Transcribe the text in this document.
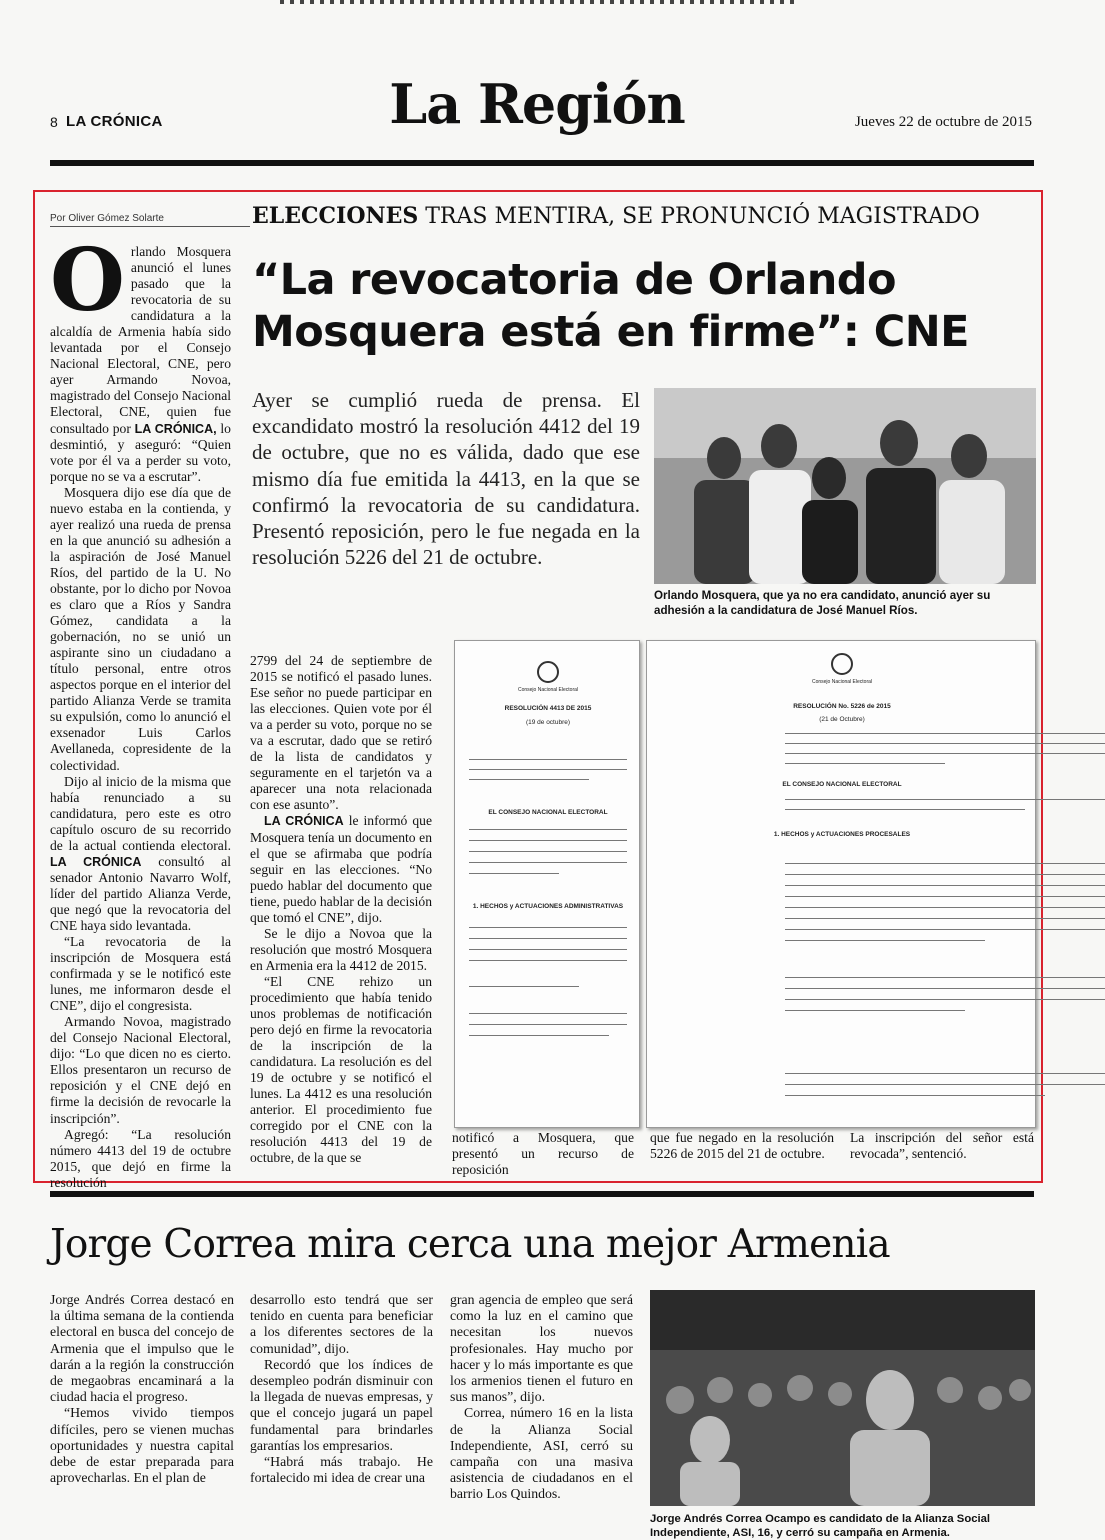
8 LA CRÓNICA	La Región	Jueves 22 de octubre de 2015
Por Oliver Gómez Solarte	ELECCIONES TRAS MENTIRA, SE PRONUNCIÓ MAGISTRADO
“La revocatoria de Orlando
Mosquera está en firme”: CNE
Ayer se cumplió rueda de prensa. El excandidato mostró la resolución 4412 del 19 de octubre, que no es válida, dado que ese mismo día fue emitida la 4413, en la que se confirmó la revocatoria de su candidatura. Presentó reposición, pero le fue negada en la resolución 5226 del 21 de octubre.

Orlando Mosquera anunció el lunes pasado que la revocatoria de su candidatura a la alcaldía de Armenia había sido levantada por el Consejo Nacional Electoral, CNE, pero ayer Armando Novoa, magistrado del Consejo Nacional Electoral, CNE, quien fue consultado por LA CRÓNICA, lo desmintió, y aseguró: “Quien vote por él va a perder su voto, porque no se va a escrutar”.

Mosquera dijo ese día que de nuevo estaba en la contienda, y ayer realizó una rueda de prensa en la que anunció su adhesión a la aspiración de José Manuel Ríos, del partido de la U. No obstante, por lo dicho por Novoa es claro que a Ríos y Sandra Gómez, candidata a la gobernación, no se unió un aspirante sino un ciudadano a título personal, entre otros aspectos porque en el interior del partido Alianza Verde se tramita su expulsión, como lo anunció el exsenador Luis Carlos Avellaneda, copresidente de la colectividad.

Dijo al inicio de la misma que había renunciado a su candidatura, pero este es otro capítulo oscuro de su recorrido de la actual contienda electoral. LA CRÓNICA consultó al senador Antonio Navarro Wolf, líder del partido Alianza Verde, que negó que la revocatoria del CNE haya sido levantada.

“La revocatoria de la inscripción de Mosquera está confirmada y se le notificó este lunes, me informaron desde el CNE”, dijo el congresista.

Armando Novoa, magistrado del Consejo Nacional Electoral, dijo: “Lo que dicen no es cierto. Ellos presentaron un recurso de reposición y el CNE dejó en firme la decisión de revocarle la inscripción”.

Agregó: “La resolución número 4413 del 19 de octubre 2015, que dejó en firme la resolución

2799 del 24 de septiembre de 2015 se notificó el pasado lunes. Ese señor no puede participar en las elecciones. Quien vote por él va a perder su voto, porque no se va a escrutar, dado que se retiró de la lista de candidatos y seguramente en el tarjetón va a aparecer una nota relacionada con ese asunto”.

LA CRÓNICA le informó que Mosquera tenía un documento en el que se afirmaba que podría seguir en las elecciones. “No puedo hablar del documento que tiene, puedo hablar de la decisión que tomó el CNE”, dijo.

Se le dijo a Novoa que la resolución que mostró Mosquera en Armenia era la 4412 de 2015.

“El CNE rehizo un procedimiento que había tenido unos problemas de notificación pero dejó en firme la revocatoria de la inscripción de la candidatura. La resolución es del 19 de octubre y se notificó el lunes. La 4412 es una resolución anterior. El procedimiento fue corregido por el CNE con la resolución 4413 del 19 de octubre, de la que se

notificó a Mosquera, que presentó un recurso de reposición
que fue negado en la resolución 5226 de 2015 del 21 de octubre.
La inscripción del señor está revocada”, sentenció.
Orlando Mosquera, que ya no era candidato, anunció ayer su adhesión a la candidatura de José Manuel Ríos.
Consejo Nacional Electoral
RESOLUCIÓN 4413 DE 2015
(19 de octubre)
EL CONSEJO NACIONAL ELECTORAL
1. HECHOS y ACTUACIONES ADMINISTRATIVAS
Consejo Nacional Electoral
RESOLUCIÓN No. 5226 de 2015
(21 de Octubre)
EL CONSEJO NACIONAL ELECTORAL
1. HECHOS y ACTUACIONES PROCESALES
Jorge Correa mira cerca una mejor Armenia

Jorge Andrés Correa destacó en la última semana de la contienda electoral en busca del concejo de Armenia que el impulso que le darán a la región la construcción de megaobras encaminará a la ciudad hacia el progreso.

“Hemos vivido tiempos difíciles, pero se vienen muchas oportunidades y nuestra capital debe de estar preparada para aprovecharlas. En el plan de

desarrollo esto tendrá que ser tenido en cuenta para beneficiar a los diferentes sectores de la comunidad”, dijo.

Recordó que los índices de desempleo podrán disminuir con la llegada de nuevas empresas, y que el concejo jugará un papel fundamental para brindarles garantías los empresarios.

“Habrá más trabajo. He fortalecido mi idea de crear una

gran agencia de empleo que será como la luz en el camino que necesitan los nuevos profesionales. Hay mucho por hacer y lo más importante es que los armenios tienen el futuro en sus manos”, dijo.

Correa, número 16 en la lista de la Alianza Social Independiente, ASI, cerró su campaña con una masiva asistencia de ciudadanos en el barrio Los Quindos.

Jorge Andrés Correa Ocampo es candidato de la Alianza Social Independiente, ASI, 16, y cerró su campaña en Armenia.
